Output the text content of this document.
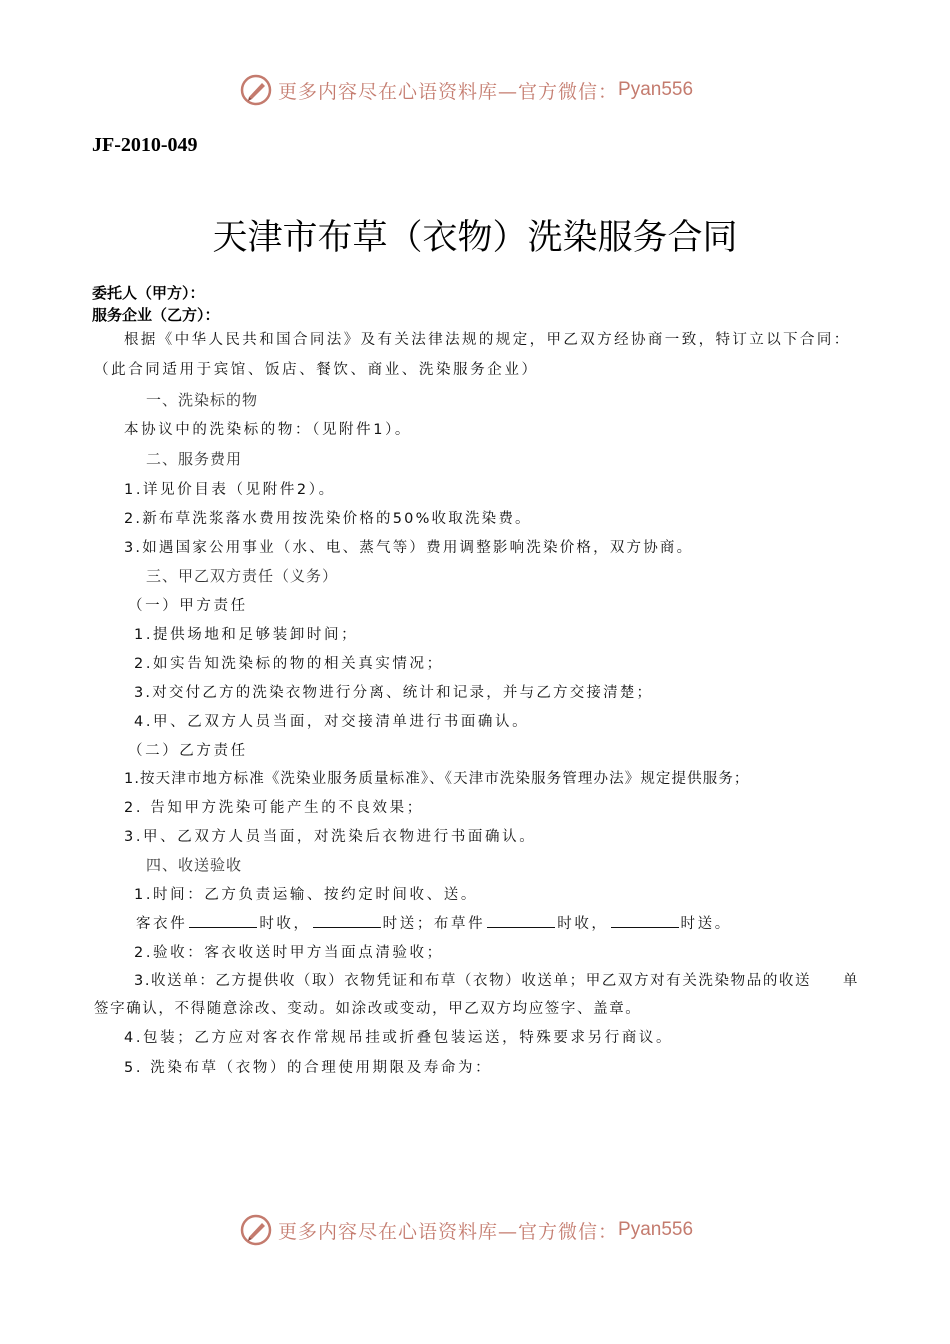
更多内容尽在心语资料库—官方微信： Pyan556
JF-2010-049
天津市布草（衣物）洗染服务合同
委托人（甲方）：
服务企业（乙方）：
根据《中华人民共和国合同法》及有关法律法规的规定，甲乙双方经协商一致，特订立以下合同：
（此合同适用于宾馆、饭店、餐饮、商业、洗染服务企业）
一、洗染标的物
本协议中的洗染标的物：（见附件1）。
二、服务费用
1.详见价目表（见附件2）。
2.新布草洗浆落水费用按洗染价格的50%收取洗染费。
3.如遇国家公用事业（水、电、蒸气等）费用调整影响洗染价格，双方协商。
三、甲乙双方责任（义务）
（一）甲方责任
1.提供场地和足够装卸时间；
2.如实告知洗染标的物的相关真实情况；
3.对交付乙方的洗染衣物进行分离、统计和记录，并与乙方交接清楚；
4.甲、乙双方人员当面，对交接清单进行书面确认。
（二）乙方责任
1.按天津市地方标准《洗染业服务质量标准》、《天津市洗染服务管理办法》规定提供服务；
2. 告知甲方洗染可能产生的不良效果；
3.甲、乙双方人员当面，对洗染后衣物进行书面确认。
四、收送验收
1.时间：乙方负责运输、按约定时间收、送。
客衣件	时收，	时送；布草件	时收，	时送。
2.验收：客衣收送时甲方当面点清验收；
3.收送单：乙方提供收（取）衣物凭证和布草（衣物）收送单；甲乙双方对有关洗染物品的收送 单
签字确认，不得随意涂改、变动。如涂改或变动，甲乙双方均应签字、盖章。
4.包装；乙方应对客衣作常规吊挂或折叠包装运送，特殊要求另行商议。
5. 洗染布草（衣物）的合理使用期限及寿命为：
更多内容尽在心语资料库—官方微信： Pyan556
